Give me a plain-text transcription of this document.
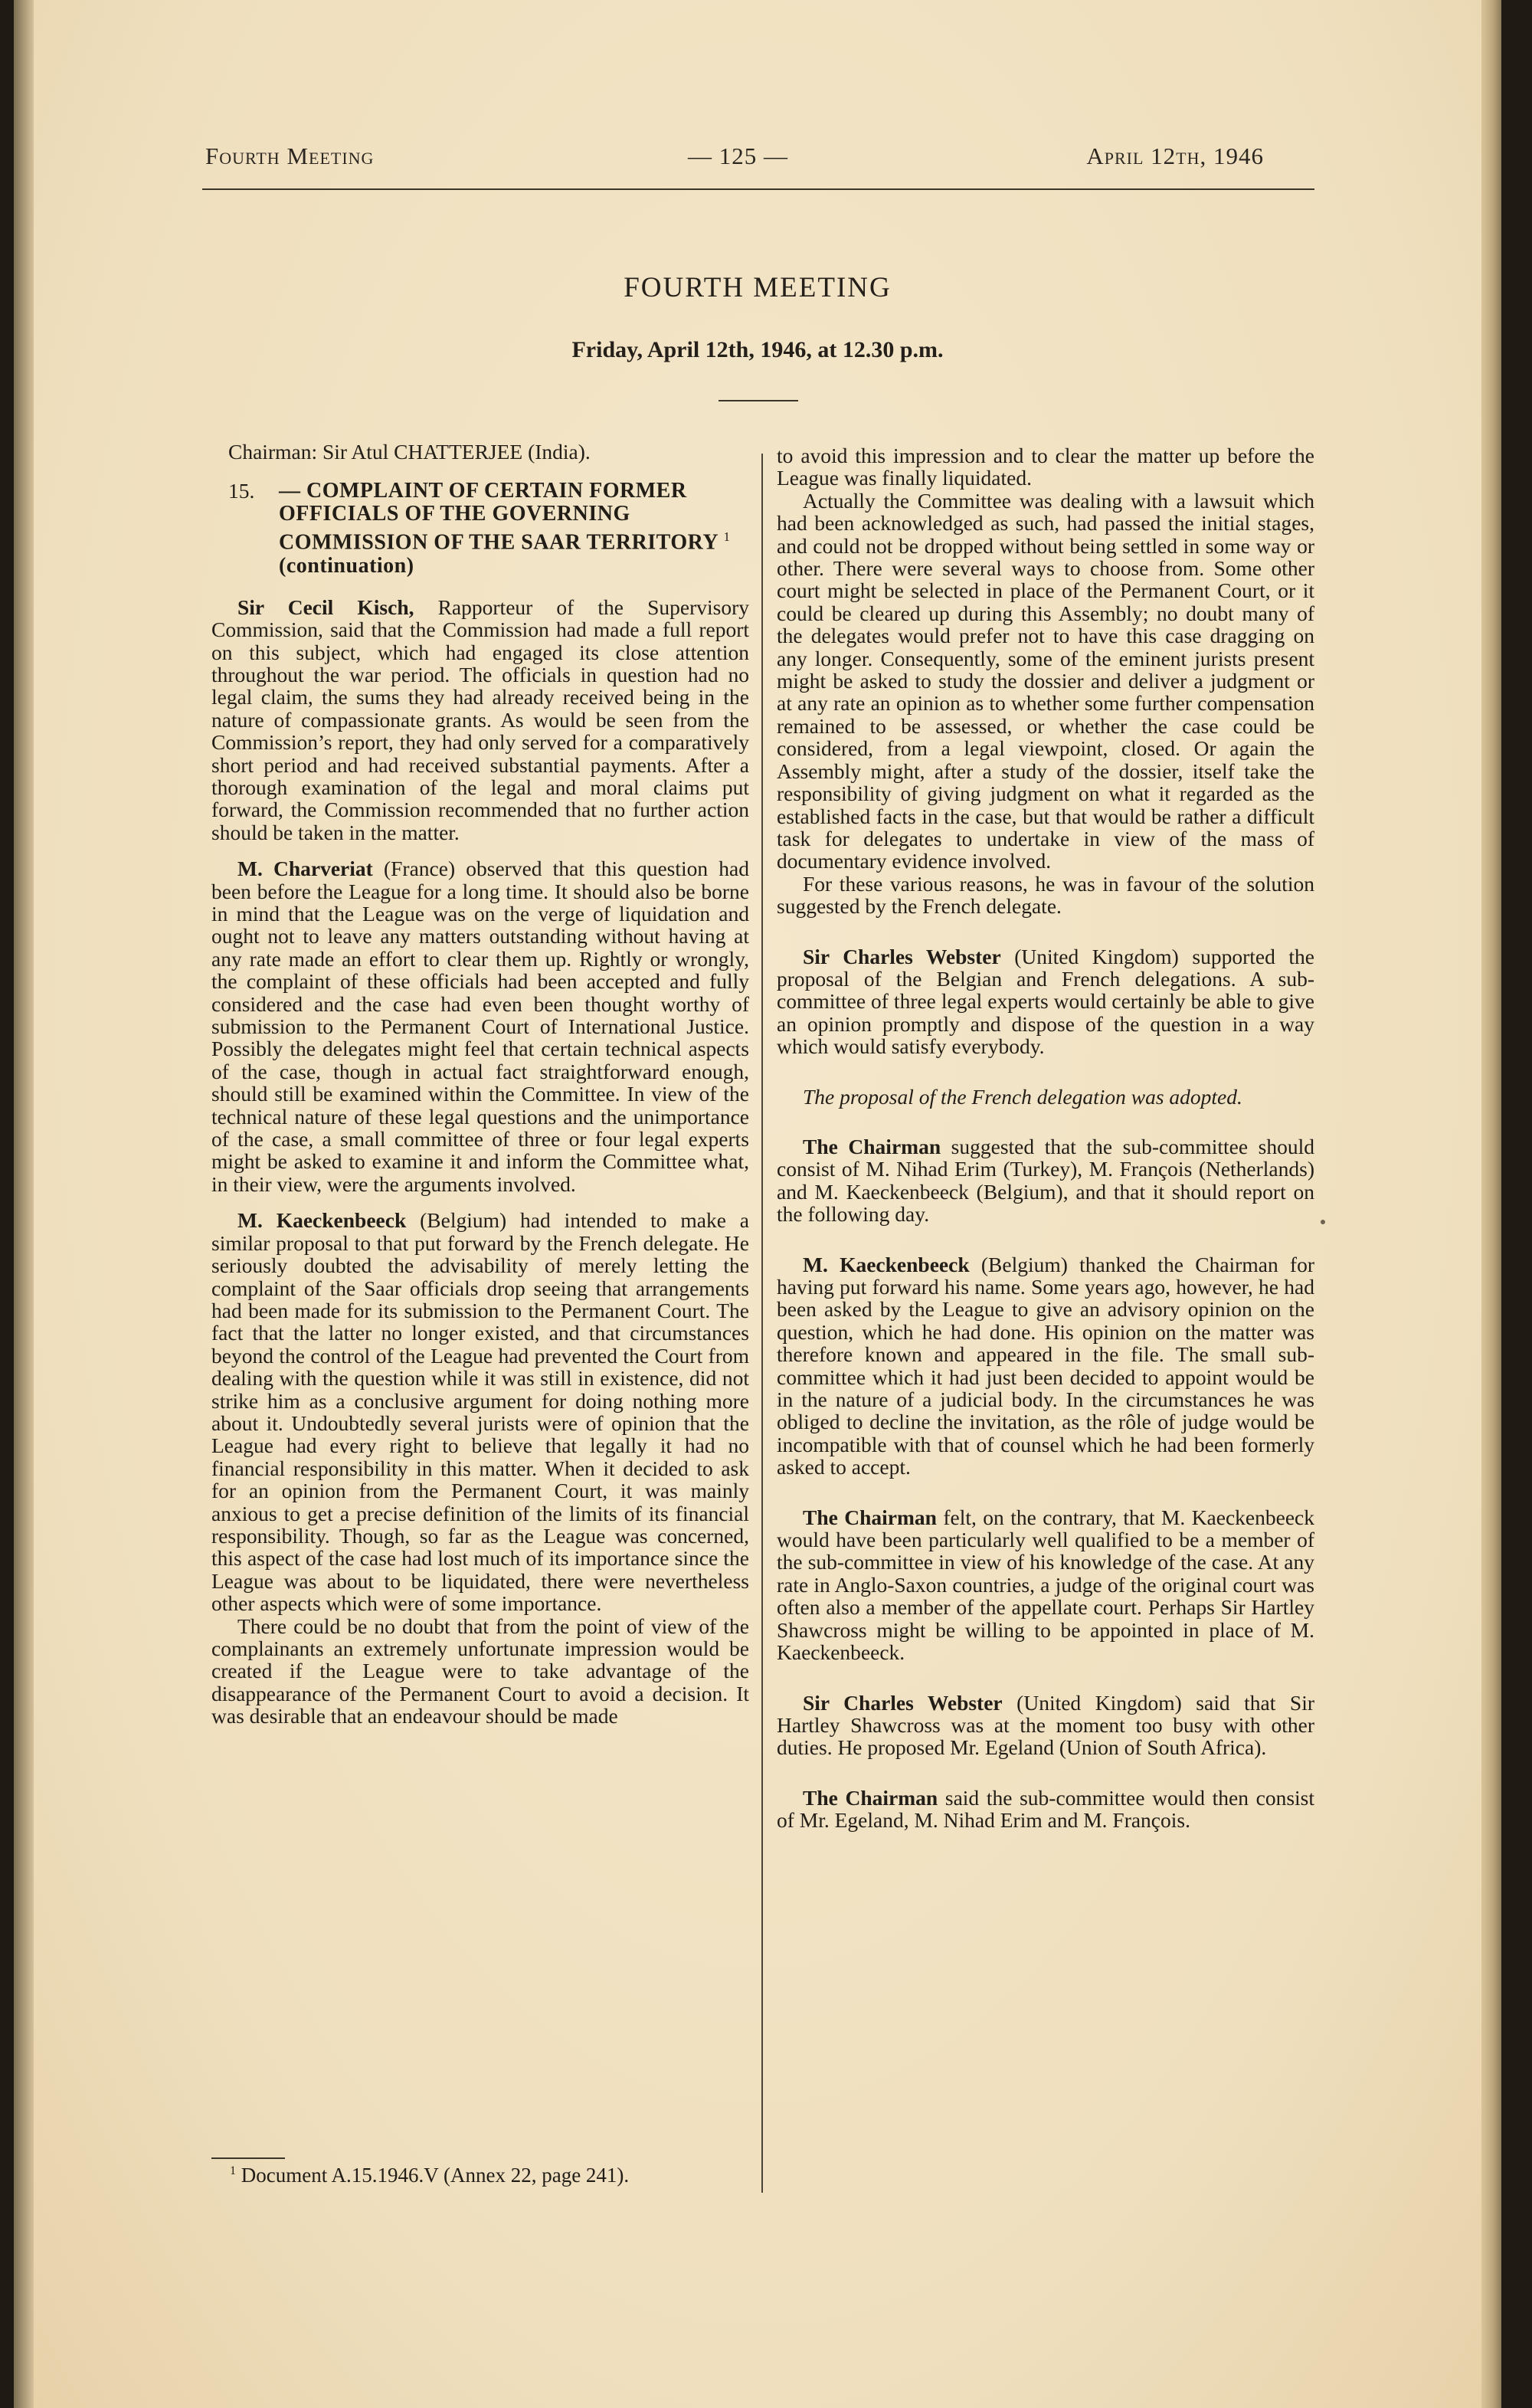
Fourth Meeting	— 125 —	April 12th, 1946
FOURTH MEETING
Friday, April 12th, 1946, at 12.30 p.m.

Chairman: Sir Atul CHATTERJEE (India).

15.	— COMPLAINT OF CERTAIN FORMER OFFICIALS OF THE GOVERNING COMMISSION OF THE SAAR TERRITORY $^1$ (continuation)

Sir Cecil Kisch, Rapporteur of the Supervisory Commission, said that the Commission had made a full report on this subject, which had engaged its close attention throughout the war period. The officials in question had no legal claim, the sums they had already received being in the nature of compassionate grants. As would be seen from the Commission’s report, they had only served for a comparatively short period and had received substantial payments. After a thorough examination of the legal and moral claims put forward, the Commission recommended that no further action should be taken in the matter.

M. Charveriat (France) observed that this question had been before the League for a long time. It should also be borne in mind that the League was on the verge of liquidation and ought not to leave any matters outstanding without having at any rate made an effort to clear them up. Rightly or wrongly, the complaint of these officials had been accepted and fully considered and the case had even been thought worthy of submission to the Permanent Court of International Justice. Possibly the delegates might feel that certain technical aspects of the case, though in actual fact straightforward enough, should still be examined within the Committee. In view of the technical nature of these legal questions and the unimportance of the case, a small committee of three or four legal experts might be asked to examine it and inform the Committee what, in their view, were the arguments involved.

M. Kaeckenbeeck (Belgium) had intended to make a similar proposal to that put forward by the French delegate. He seriously doubted the advisability of merely letting the complaint of the Saar officials drop seeing that arrangements had been made for its submission to the Permanent Court. The fact that the latter no longer existed, and that circumstances beyond the control of the League had prevented the Court from dealing with the question while it was still in existence, did not strike him as a conclusive argument for doing nothing more about it. Undoubtedly several jurists were of opinion that the League had every right to believe that legally it had no financial responsibility in this matter. When it decided to ask for an opinion from the Permanent Court, it was mainly anxious to get a precise definition of the limits of its financial responsibility. Though, so far as the League was concerned, this aspect of the case had lost much of its importance since the League was about to be liquidated, there were nevertheless other aspects which were of some importance.

There could be no doubt that from the point of view of the complainants an extremely unfortunate impression would be created if the League were to take advantage of the disappearance of the Permanent Court to avoid a decision. It was desirable that an endeavour should be made

to avoid this impression and to clear the matter up before the League was finally liquidated.

Actually the Committee was dealing with a lawsuit which had been acknowledged as such, had passed the initial stages, and could not be dropped without being settled in some way or other. There were several ways to choose from. Some other court might be selected in place of the Permanent Court, or it could be cleared up during this Assembly; no doubt many of the delegates would prefer not to have this case dragging on any longer. Consequently, some of the eminent jurists present might be asked to study the dossier and deliver a judgment or at any rate an opinion as to whether some further compensation remained to be assessed, or whether the case could be considered, from a legal viewpoint, closed. Or again the Assembly might, after a study of the dossier, itself take the responsibility of giving judgment on what it regarded as the established facts in the case, but that would be rather a difficult task for delegates to undertake in view of the mass of documentary evidence involved.

For these various reasons, he was in favour of the solution suggested by the French delegate.

Sir Charles Webster (United Kingdom) supported the proposal of the Belgian and French delegations. A sub-committee of three legal experts would certainly be able to give an opinion promptly and dispose of the question in a way which would satisfy everybody.

The proposal of the French delegation was adopted.

The Chairman suggested that the sub-committee should consist of M. Nihad Erim (Turkey), M. François (Netherlands) and M. Kaeckenbeeck (Belgium), and that it should report on the following day.

M. Kaeckenbeeck (Belgium) thanked the Chairman for having put forward his name. Some years ago, however, he had been asked by the League to give an advisory opinion on the question, which he had done. His opinion on the matter was therefore known and appeared in the file. The small sub-committee which it had just been decided to appoint would be in the nature of a judicial body. In the circumstances he was obliged to decline the invitation, as the rôle of judge would be incompatible with that of counsel which he had been formerly asked to accept.

The Chairman felt, on the contrary, that M. Kaeckenbeeck would have been particularly well qualified to be a member of the sub-committee in view of his knowledge of the case. At any rate in Anglo-Saxon countries, a judge of the original court was often also a member of the appellate court. Perhaps Sir Hartley Shawcross might be willing to be appointed in place of M. Kaeckenbeeck.

Sir Charles Webster (United Kingdom) said that Sir Hartley Shawcross was at the moment too busy with other duties. He proposed Mr. Egeland (Union of South Africa).

The Chairman said the sub-committee would then consist of Mr. Egeland, M. Nihad Erim and M. François.

$^1$ Document A.15.1946.V (Annex 22, page 241).
